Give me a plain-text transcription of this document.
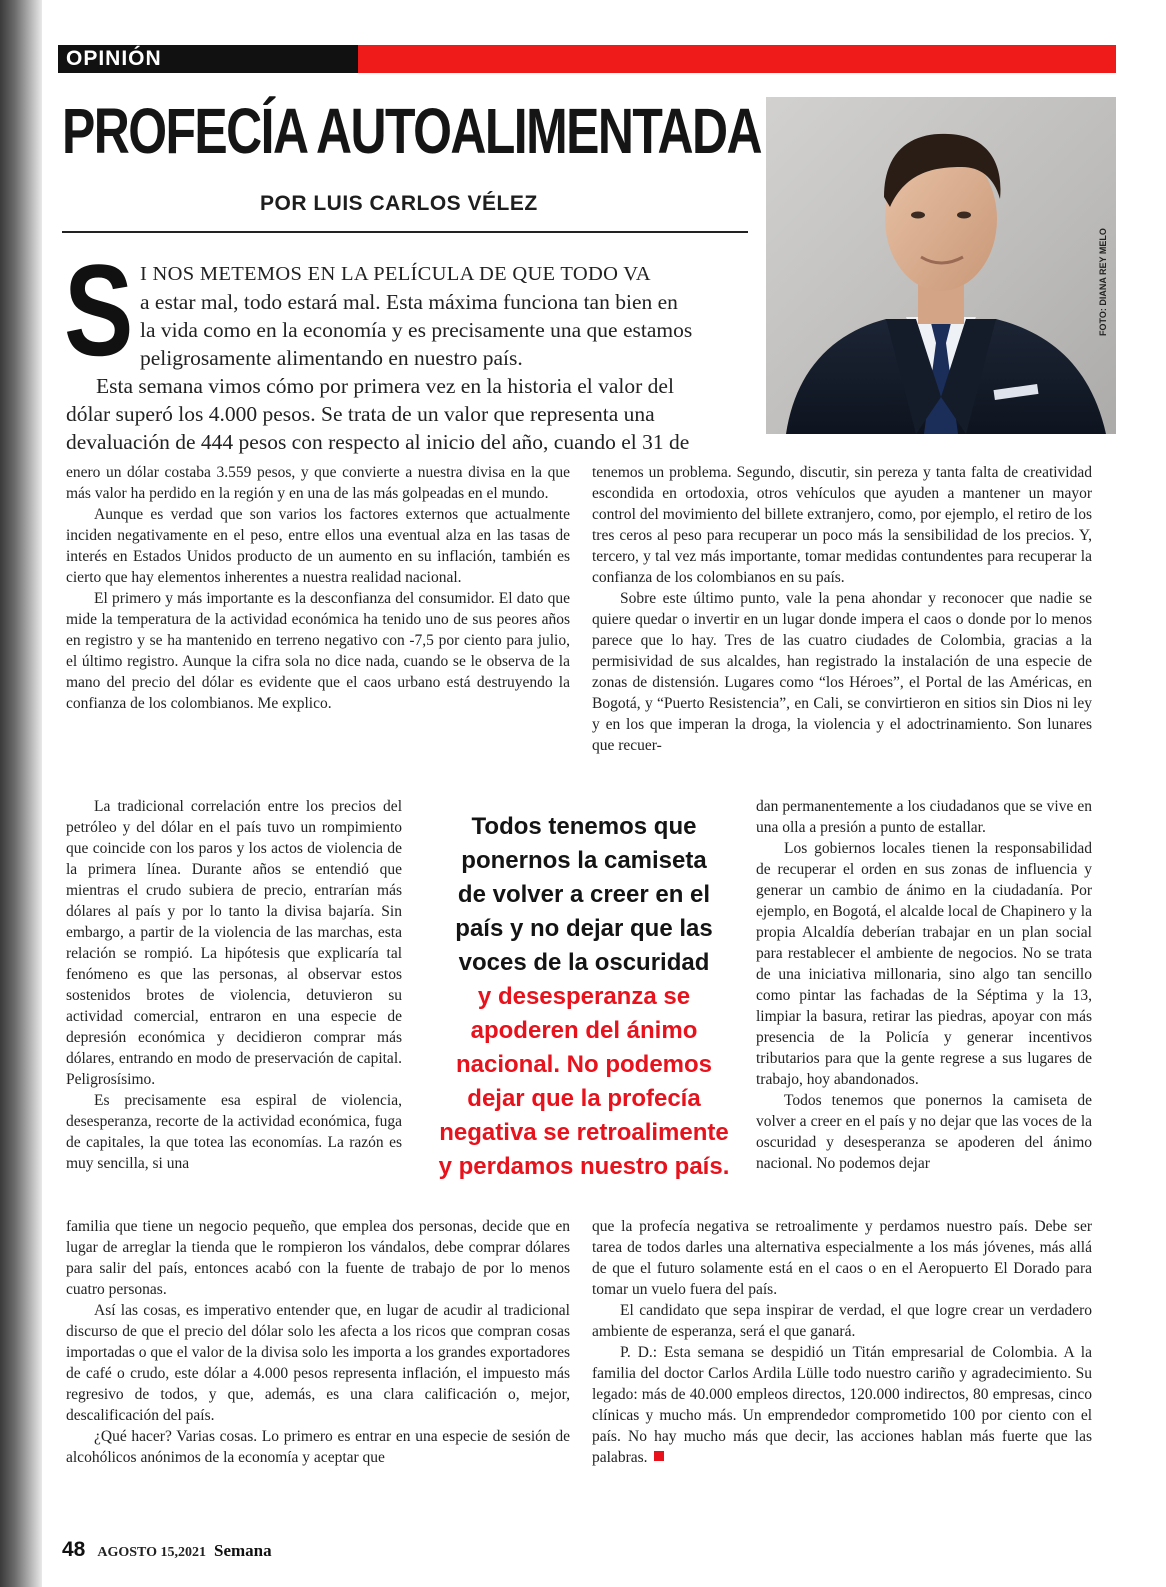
OPINIÓN
PROFECÍA AUTOALIMENTADA
POR LUIS CARLOS VÉLEZ
FOTO: DIANA REY MELO
S I NOS METEMOS EN LA PELÍCULA DE QUE TODO VA
a estar mal, todo estará mal. Esta máxima funciona tan bien en
la vida como en la economía y es precisamente una que estamos
peligrosamente alimentando en nuestro país.
Esta semana vimos cómo por primera vez en la historia el valor del
dólar superó los 4.000 pesos. Se trata de un valor que representa una
devaluación de 444 pesos con respecto al inicio del año, cuando el 31 de

enero un dólar costaba 3.559 pesos, y que convierte a nuestra divisa en la que más valor ha perdido en la región y en una de las más golpeadas en el mundo.

Aunque es verdad que son varios los factores externos que actualmente inciden negativamente en el peso, entre ellos una eventual alza en las tasas de interés en Estados Unidos producto de un aumento en su inflación, también es cierto que hay elementos inherentes a nuestra realidad nacional.

El primero y más importante es la desconfianza del consumidor. El dato que mide la temperatura de la actividad económica ha tenido uno de sus peores años en registro y se ha mantenido en terreno negativo con -7,5 por ciento para julio, el último registro. Aunque la cifra sola no dice nada, cuando se le observa de la mano del precio del dólar es evidente que el caos urbano está destruyendo la confianza de los colombianos. Me explico.

La tradicional correlación entre los precios del petróleo y del dólar en el país tuvo un rompimiento que coincide con los paros y los actos de violencia de la primera línea. Durante años se entendió que mientras el crudo subiera de precio, entrarían más dólares al país y por lo tanto la divisa bajaría. Sin embargo, a partir de la violencia de las marchas, esta relación se rompió. La hipótesis que explicaría tal fenómeno es que las personas, al observar estos sostenidos brotes de violencia, detuvieron su actividad comercial, entraron en una especie de depresión económica y decidieron comprar más dólares, entrando en modo de preservación de capital. Peligrosísimo.

Es precisamente esa espiral de violencia, desesperanza, recorte de la actividad económica, fuga de capitales, la que totea las economías. La razón es muy sencilla, si una

familia que tiene un negocio pequeño, que emplea dos personas, decide que en lugar de arreglar la tienda que le rompieron los vándalos, debe comprar dólares para salir del país, entonces acabó con la fuente de trabajo de por lo menos cuatro personas.

Así las cosas, es imperativo entender que, en lugar de acudir al tradicional discurso de que el precio del dólar solo les afecta a los ricos que compran cosas importadas o que el valor de la divisa solo les importa a los grandes exportadores de café o crudo, este dólar a 4.000 pesos representa inflación, el impuesto más regresivo de todos, y que, además, es una clara calificación o, mejor, descalificación del país.

¿Qué hacer? Varias cosas. Lo primero es entrar en una especie de sesión de alcohólicos anónimos de la economía y aceptar que

tenemos un problema. Segundo, discutir, sin pereza y tanta falta de creatividad escondida en ortodoxia, otros vehículos que ayuden a mantener un mayor control del movimiento del billete extranjero, como, por ejemplo, el retiro de los tres ceros al peso para recuperar un poco más la sensibilidad de los precios. Y, tercero, y tal vez más importante, tomar medidas contundentes para recuperar la confianza de los colombianos en su país.

Sobre este último punto, vale la pena ahondar y reconocer que nadie se quiere quedar o invertir en un lugar donde impera el caos o donde por lo menos parece que lo hay. Tres de las cuatro ciudades de Colombia, gracias a la permisividad de sus alcaldes, han registrado la instalación de una especie de zonas de distensión. Lugares como “los Héroes”, el Portal de las Américas, en Bogotá, y “Puerto Resistencia”, en Cali, se convirtieron en sitios sin Dios ni ley y en los que imperan la droga, la violencia y el adoctrinamiento. Son lunares que recuer-

dan permanentemente a los ciudadanos que se vive en una olla a presión a punto de estallar.

Los gobiernos locales tienen la responsabilidad de recuperar el orden en sus zonas de influencia y generar un cambio de ánimo en la ciudadanía. Por ejemplo, en Bogotá, el alcalde local de Chapinero y la propia Alcaldía deberían trabajar en un plan social para restablecer el ambiente de negocios. No se trata de una iniciativa millonaria, sino algo tan sencillo como pintar las fachadas de la Séptima y la 13, limpiar la basura, retirar las piedras, apoyar con más presencia de la Policía y generar incentivos tributarios para que la gente regrese a sus lugares de trabajo, hoy abandonados.

Todos tenemos que ponernos la camiseta de volver a creer en el país y no dejar que las voces de la oscuridad y desesperanza se apoderen del ánimo nacional. No podemos dejar

que la profecía negativa se retroalimente y perdamos nuestro país. Debe ser tarea de todos darles una alternativa especialmente a los más jóvenes, más allá de que el futuro solamente está en el caos o en el Aeropuerto El Dorado para tomar un vuelo fuera del país.

El candidato que sepa inspirar de verdad, el que logre crear un verdadero ambiente de esperanza, será el que ganará.

P. D.: Esta semana se despidió un Titán empresarial de Colombia. A la familia del doctor Carlos Ardila Lülle todo nuestro cariño y agradecimiento. Su legado: más de 40.000 empleos directos, 120.000 indirectos, 80 empresas, cinco clínicas y mucho más. Un emprendedor comprometido 100 por ciento con el país. No hay mucho más que decir, las acciones hablan más fuerte que las palabras.

Todos tenemos que
ponernos la camiseta
de volver a creer en el
país y no dejar que las
voces de la oscuridad
y desesperanza se
apoderen del ánimo
nacional. No podemos
dejar que la profecía
negativa se retroalimente
y perdamos nuestro país.
48 AGOSTO 15,2021 Semana
